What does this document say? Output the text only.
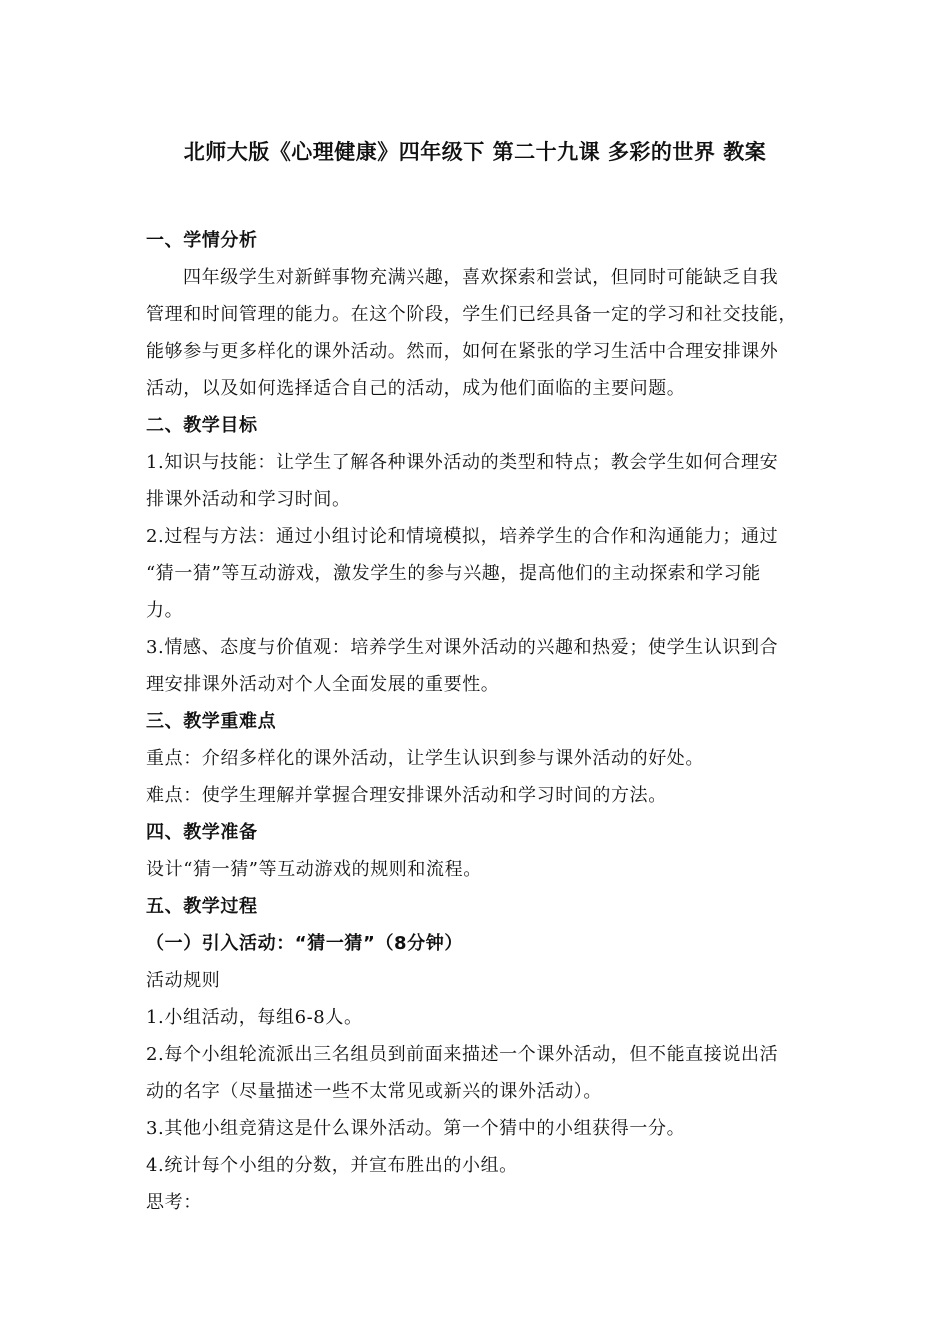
北师大版《心理健康》四年级下 第二十九课 多彩的世界 教案
一、学情分析
四年级学生对新鲜事物充满兴趣，喜欢探索和尝试，但同时可能缺乏自我
管理和时间管理的能力。在这个阶段，学生们已经具备一定的学习和社交技能，
能够参与更多样化的课外活动。然而，如何在紧张的学习生活中合理安排课外
活动，以及如何选择适合自己的活动，成为他们面临的主要问题。
二、教学目标
1.知识与技能：让学生了解各种课外活动的类型和特点；教会学生如何合理安
排课外活动和学习时间。
2.过程与方法：通过小组讨论和情境模拟，培养学生的合作和沟通能力；通过
“猜一猜”等互动游戏，激发学生的参与兴趣，提高他们的主动探索和学习能
力。
3.情感、态度与价值观：培养学生对课外活动的兴趣和热爱；使学生认识到合
理安排课外活动对个人全面发展的重要性。
三、教学重难点
重点：介绍多样化的课外活动，让学生认识到参与课外活动的好处。
难点：使学生理解并掌握合理安排课外活动和学习时间的方法。
四、教学准备
设计“猜一猜”等互动游戏的规则和流程。
五、教学过程
（一）引入活动：“猜一猜”（8分钟）
活动规则
1.小组活动，每组6-8人。
2.每个小组轮流派出三名组员到前面来描述一个课外活动，但不能直接说出活
动的名字（尽量描述一些不太常见或新兴的课外活动）。
3.其他小组竞猜这是什么课外活动。第一个猜中的小组获得一分。
4.统计每个小组的分数，并宣布胜出的小组。
思考：
